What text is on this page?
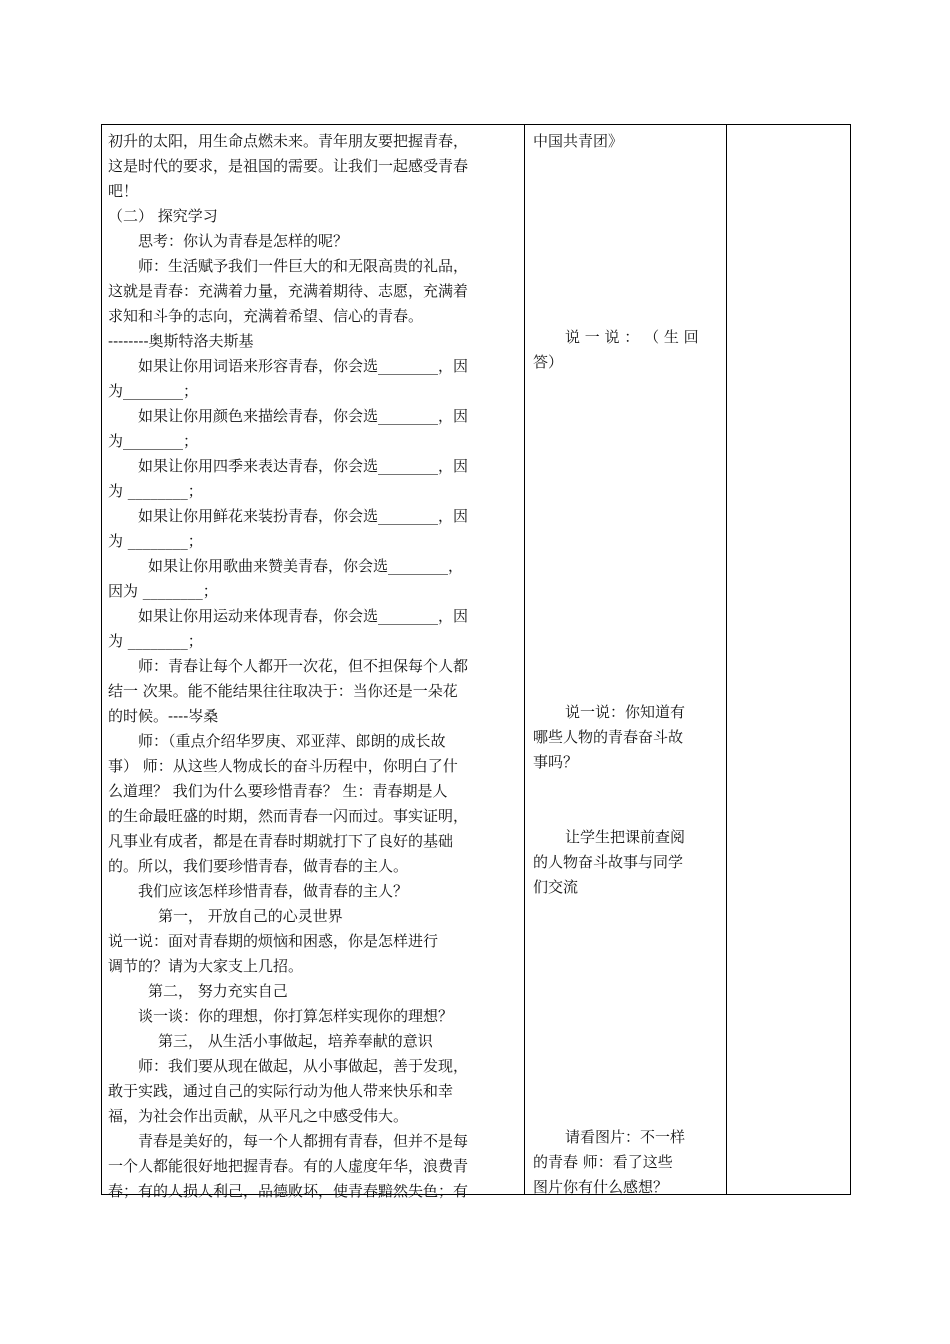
初升的太阳，用生命点燃未来。青年朋友要把握青春，
这是时代的要求，是祖国的需要。让我们一起感受青春
吧！
（二） 探究学习
思考：你认为青春是怎样的呢？
师：生活赋予我们一件巨大的和无限高贵的礼品，
这就是青春：充满着力量，充满着期待、志愿，充满着
求知和斗争的志向，充满着希望、信心的青春。
--------奥斯特洛夫斯基
如果让你用词语来形容青春，你会选________，因
为________；
如果让你用颜色来描绘青春，你会选________，因
为________；
如果让你用四季来表达青春，你会选________，因
为 ________；
如果让你用鲜花来装扮青春，你会选________，因
为 ________；
如果让你用歌曲来赞美青春，你会选________，
因为 ________；
如果让你用运动来体现青春，你会选________，因
为 ________；
师：青春让每个人都开一次花，但不担保每个人都
结一 次果。能不能结果往往取决于：当你还是一朵花
的时候。----岑桑
师：（重点介绍华罗庚、邓亚萍、郎朗的成长故
事） 师：从这些人物成长的奋斗历程中，你明白了什
么道理？ 我们为什么要珍惜青春？ 生：青春期是人
的生命最旺盛的时期，然而青春一闪而过。事实证明，
凡事业有成者，都是在青春时期就打下了良好的基础
的。所以，我们要珍惜青春，做青春的主人。
我们应该怎样珍惜青春，做青春的主人？
第一， 开放自己的心灵世界
说一说：面对青春期的烦恼和困惑，你是怎样进行
调节的？请为大家支上几招。
第二， 努力充实自己
谈一谈：你的理想，你打算怎样实现你的理想？
第三， 从生活小事做起，培养奉献的意识
师：我们要从现在做起，从小事做起，善于发现，
敢于实践，通过自己的实际行动为他人带来快乐和幸
福，为社会作出贡献，从平凡之中感受伟大。
青春是美好的，每一个人都拥有青春，但并不是每
一个人都能很好地把握青春。有的人虚度年华，浪费青
春；有的人损人利己，品德败坏，使青春黯然失色；有
中国共青团》
说 一 说 ： （ 生 回
答）
说一说：你知道有
哪些人物的青春奋斗故
事吗？
让学生把课前查阅
的人物奋斗故事与同学
们交流
请看图片：不一样
的青春 师：看了这些
图片你有什么感想？
